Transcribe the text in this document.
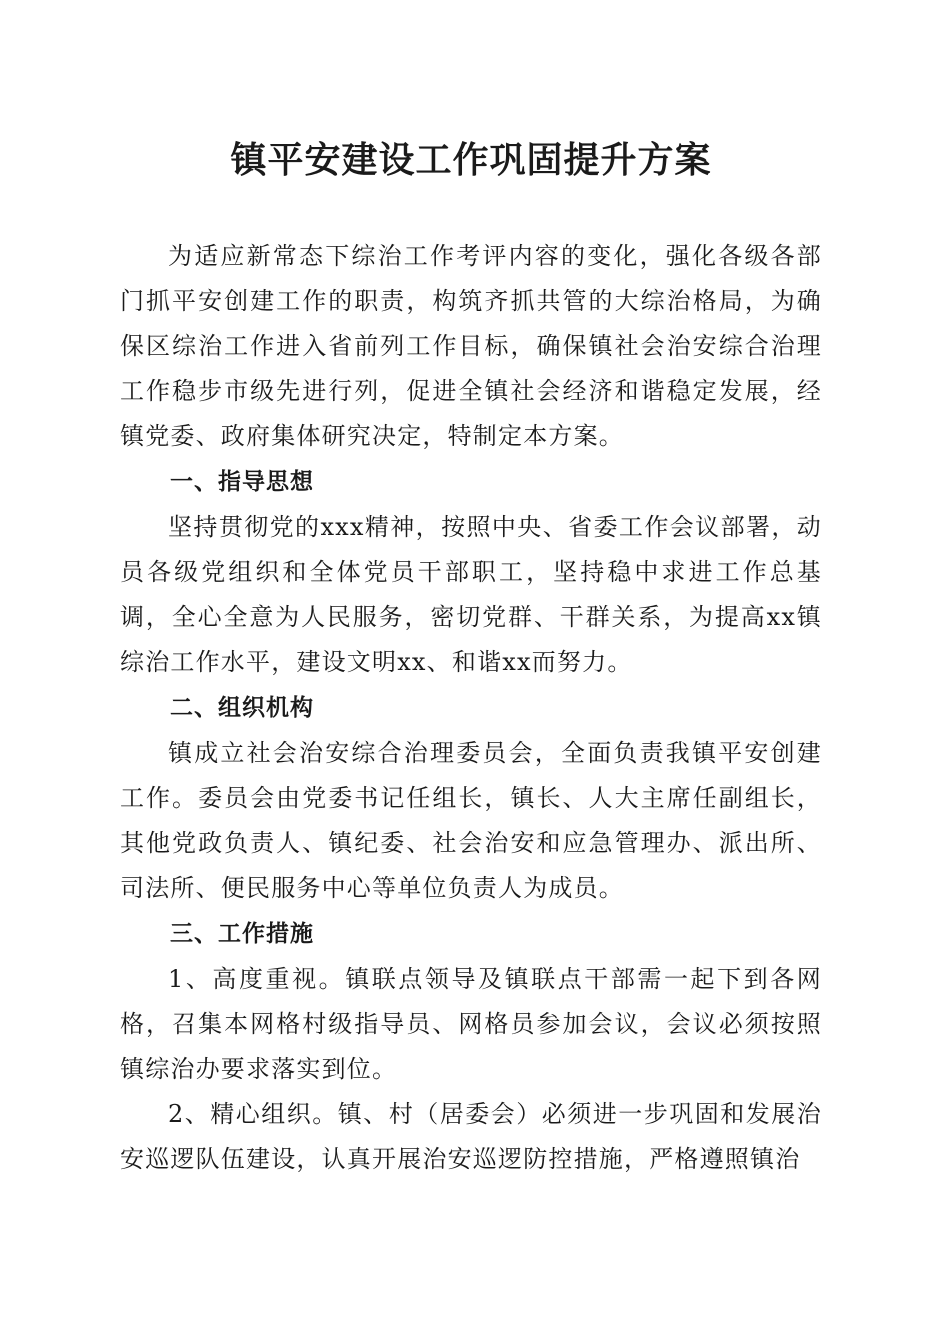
镇平安建设工作巩固提升方案

为适应新常态下综治工作考评内容的变化，强化各级各部门抓平安创建工作的职责，构筑齐抓共管的大综治格局，为确保区综治工作进入省前列工作目标，确保镇社会治安综合治理工作稳步市级先进行列，促进全镇社会经济和谐稳定发展，经镇党委、政府集体研究决定，特制定本方案。

一、指导思想

坚持贯彻党的xxx精神，按照中央、省委工作会议部署，动员各级党组织和全体党员干部职工，坚持稳中求进工作总基调，全心全意为人民服务，密切党群、干群关系，为提高xx镇综治工作水平，建设文明xx、和谐xx而努力。

二、组织机构

镇成立社会治安综合治理委员会，全面负责我镇平安创建工作。委员会由党委书记任组长，镇长、人大主席任副组长，其他党政负责人、镇纪委、社会治安和应急管理办、派出所、司法所、便民服务中心等单位负责人为成员。

三、工作措施

1、高度重视。镇联点领导及镇联点干部需一起下到各网格，召集本网格村级指导员、网格员参加会议，会议必须按照镇综治办要求落实到位。

2、精心组织。镇、村（居委会）必须进一步巩固和发展治安巡逻队伍建设，认真开展治安巡逻防控措施，严格遵照镇治
